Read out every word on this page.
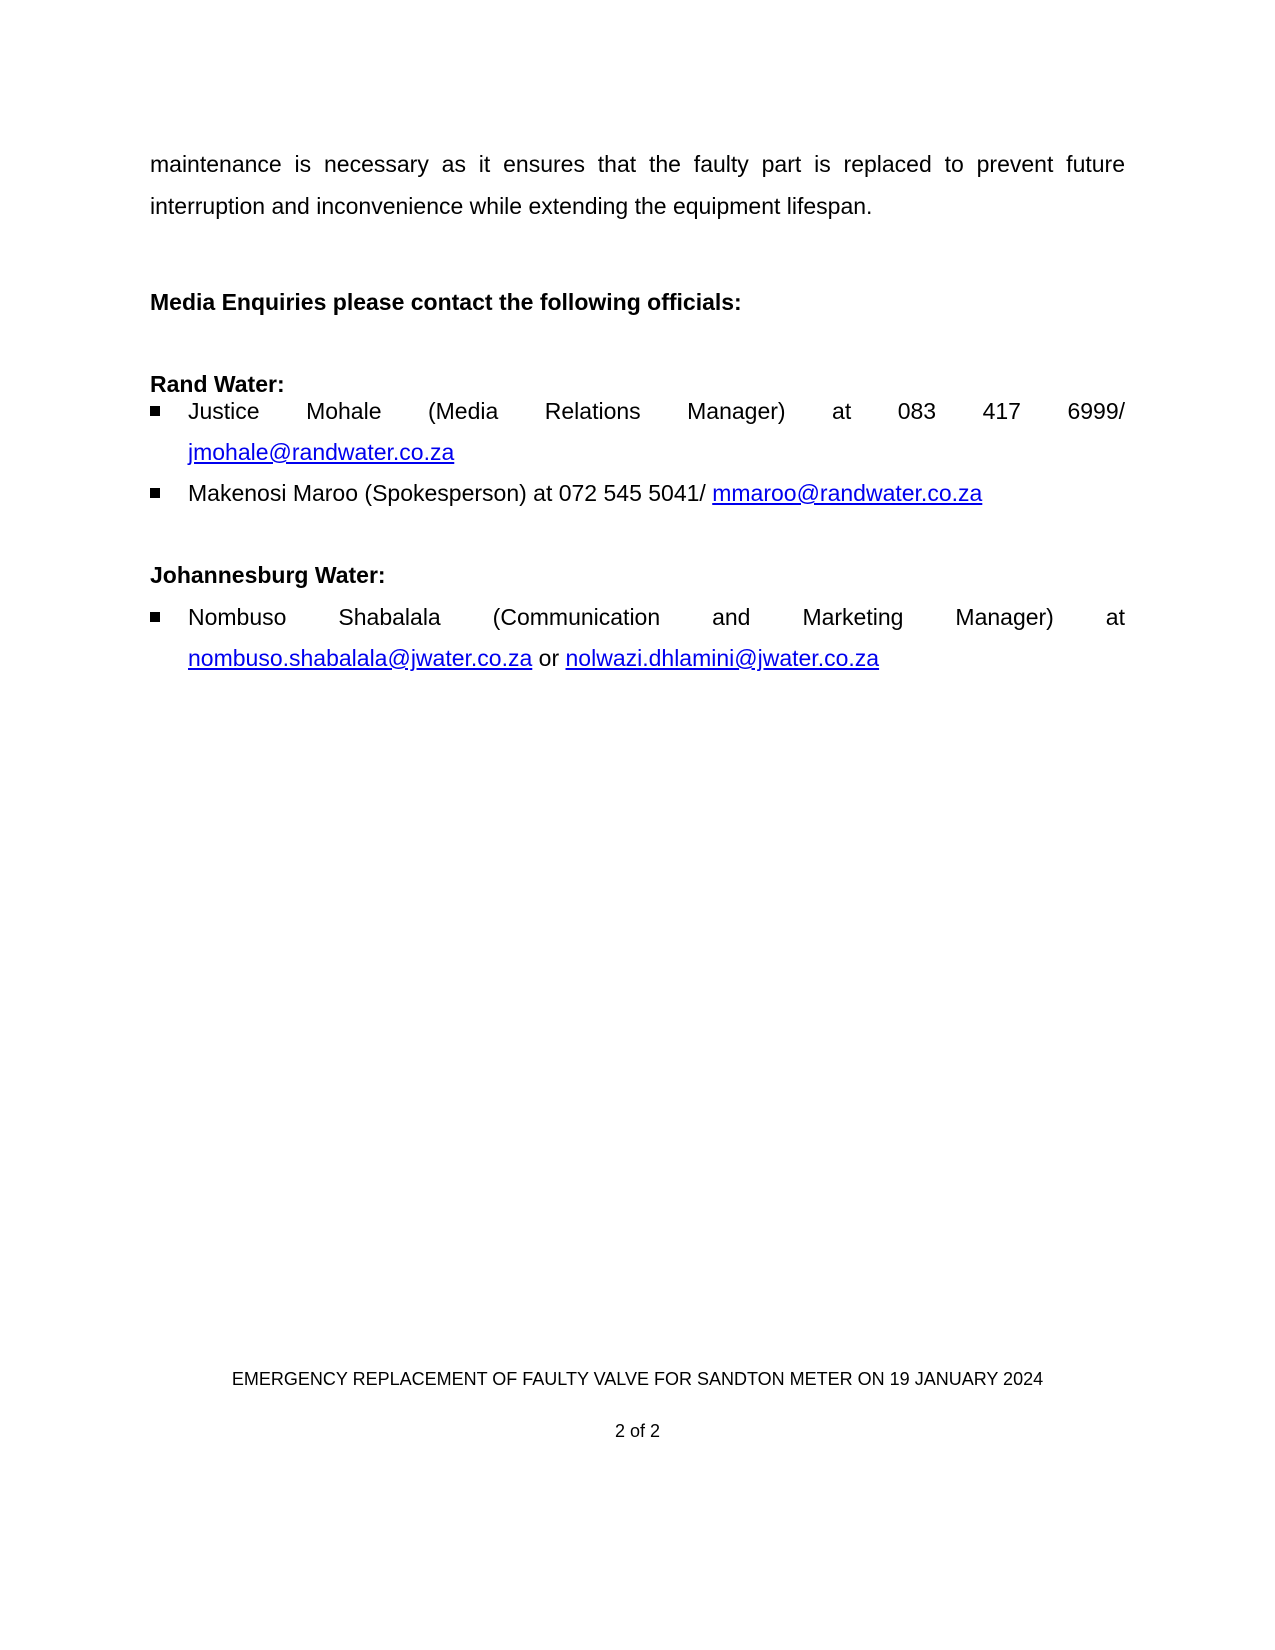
maintenance is necessary as it ensures that the faulty part is replaced to prevent future
interruption and inconvenience while extending the equipment lifespan.
Media Enquiries please contact the following officials:
Rand Water:
Justice Mohale (Media Relations Manager) at 083 417 6999/
jmohale@randwater.co.za
Makenosi Maroo (Spokesperson) at 072 545 5041/ mmaroo@randwater.co.za
Johannesburg Water:
Nombuso Shabalala (Communication and Marketing Manager) at
nombuso.shabalala@jwater.co.za or nolwazi.dhlamini@jwater.co.za
EMERGENCY REPLACEMENT OF FAULTY VALVE FOR SANDTON METER ON 19 JANUARY 2024
2 of 2
